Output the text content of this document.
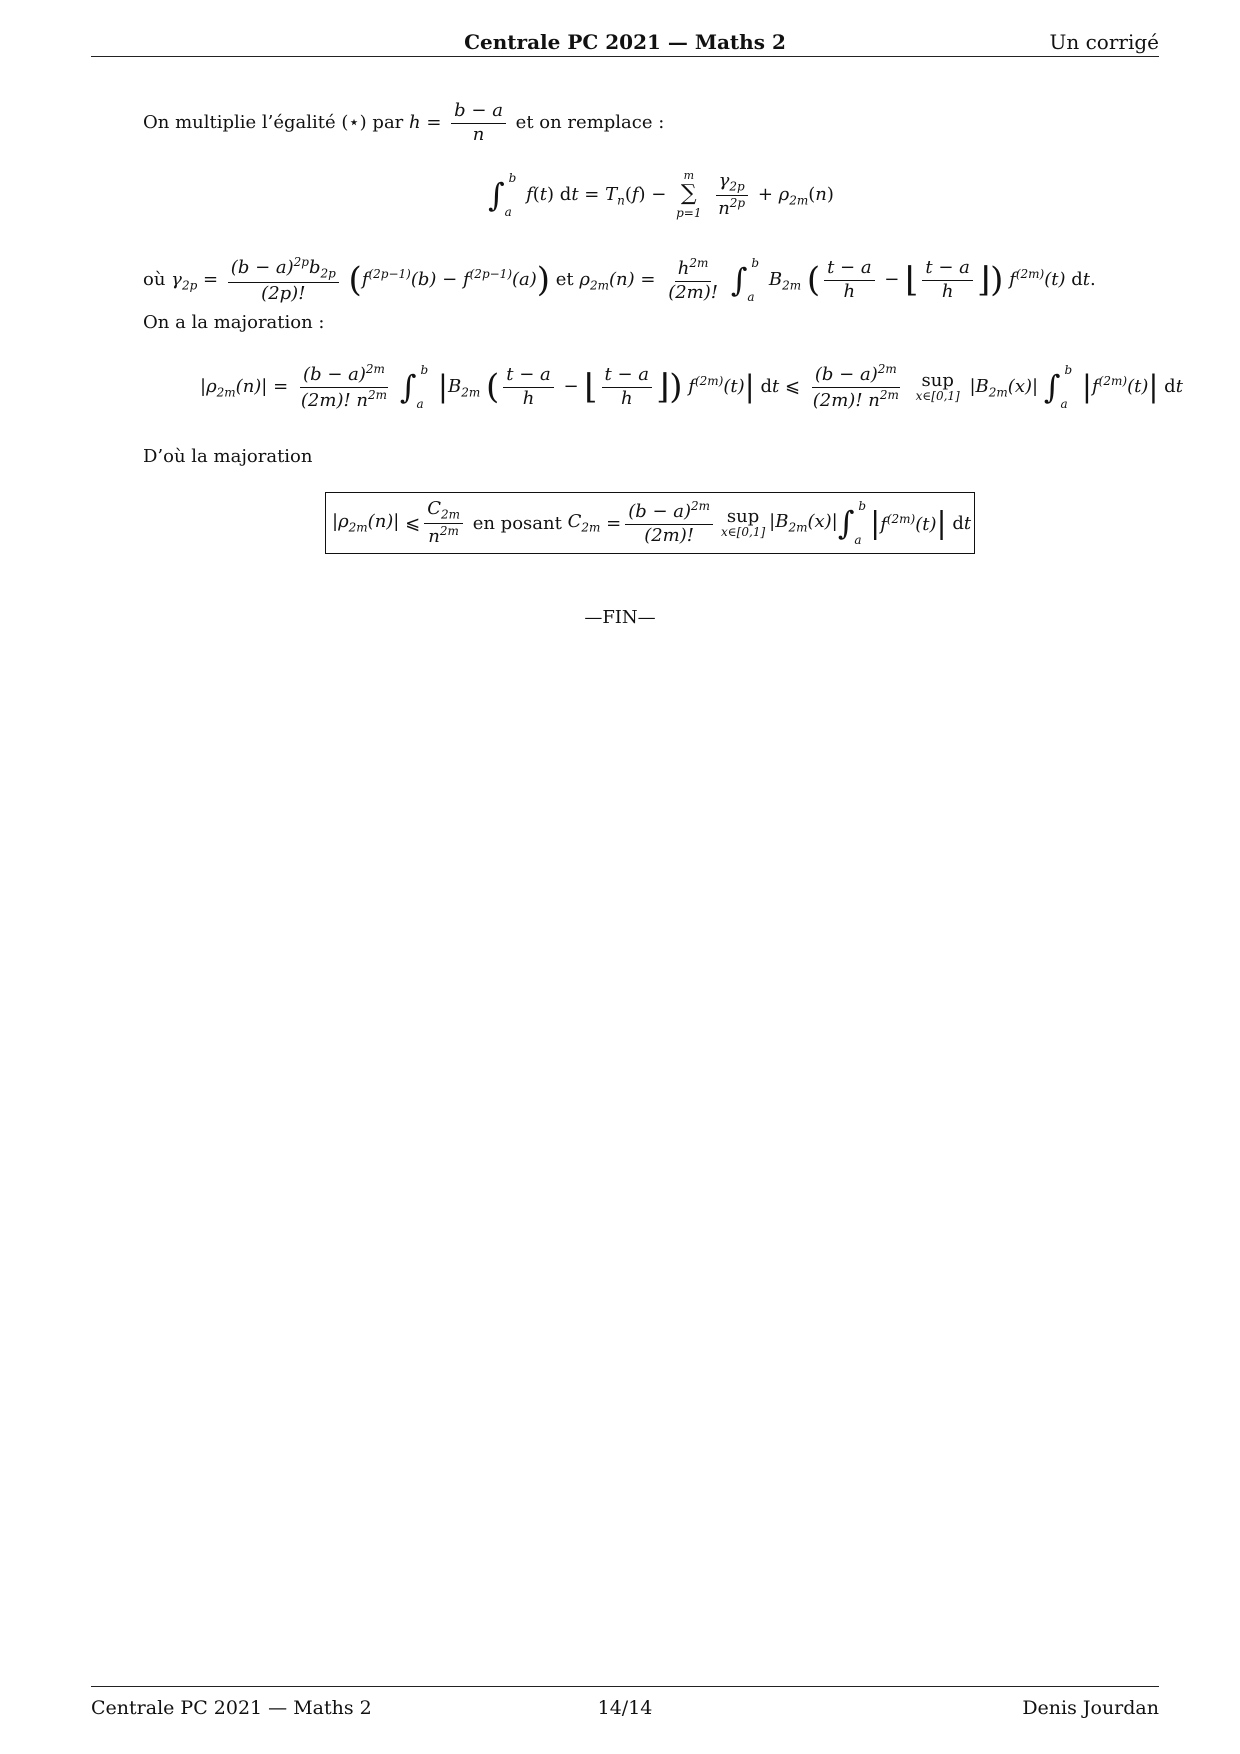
Centrale PC 2021 — Maths 2	Un corrigé
On multiplie l’égalité (⋆) par $h = \frac{b - a}{n}$ et on remplace :
∫ b
a
f(t) dt = $T_n(f)$ −
m
∑
p=1
$\frac{\gamma_{2p}}{n^{2p}} + \rho_{2m}(n)$
où $\gamma_{2p} = \frac{(b - a)^{2p}b_{2p}}{(2p)!} (f^{(2p-1)}(b) - f^{(2p-1)}(a))$ et $\rho_{2m}(n) = \frac{h^{2m}}{(2m)!}$ ∫ b
a
$B_{2m}$ ( $\frac{t - a}{h}$ − ⌊ $\frac{t - a}{h}$ ⌋) $f^{(2m)}(t)$ dt.
On a la majoration :
$|\rho_{2m}(n)| = \frac{(b - a)^{2m}}{(2m)! n^{2m}}$ ∫ b
a $|B_{2m}$ ( $\frac{t - a}{h}$ − ⌊ $\frac{t - a}{h}$ ⌋) $f^{(2m)}(t)|$ dt ⩽ $\frac{(b - a)^{2m}}{(2m)! n^{2m}}$
sup
x∈[0,1] $|B_{2m}(x)|$ ∫ b
a $|f^{(2m)}(t)|$ dt
D’où la majoration
$|\rho_{2m}(n)|$ ⩽ $\frac{C_{2m}}{n^{2m}}$
en posant
$C_{2m} = \frac{(b - a)^{2m}}{(2m)!}$ sup
x∈[0,1]
$|B_{2m}(x)|$ ∫ b
a | $f^{(2m)}(t)$ | d t
—FIN—
Centrale PC 2021 — Maths 2	14/14	Denis Jourdan
